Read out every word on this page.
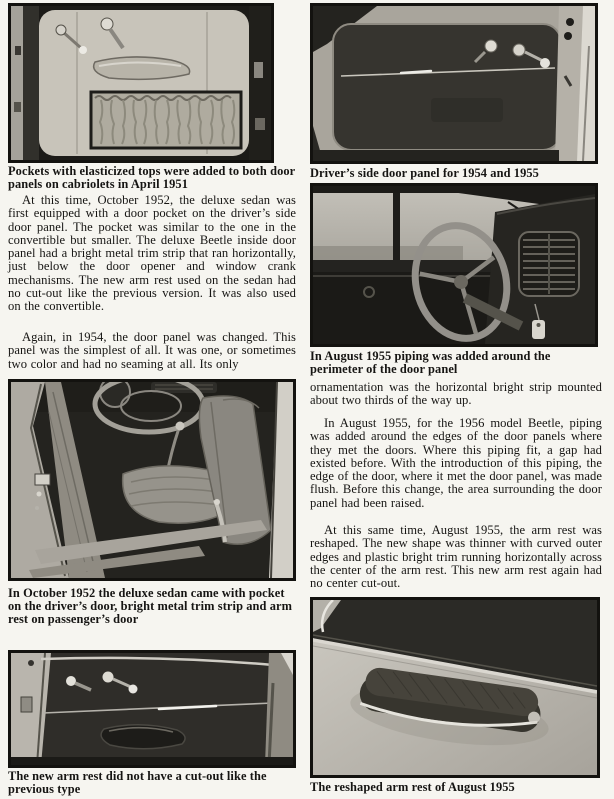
Pockets with elasticized tops were added to both door panels on cabriolets in April 1951
At this time, October 1952, the deluxe sedan was first equipped with a door pocket on the driver’s side door panel. The pocket was similar to the one in the convertible but smaller. The deluxe Beetle inside door panel had a bright metal trim strip that ran horizontally, just below the door opener and window crank mechanisms. The new arm rest used on the sedan had no cut-out like the previous version. It was also used on the convertible.
Again, in 1954, the door panel was changed. This panel was the simplest of all. It was one, or sometimes two color and had no seaming at all. Its only
In October 1952 the deluxe sedan came with pocket on the driver’s door, bright metal trim strip and arm rest on passenger’s door
The new arm rest did not have a cut-out like the previous type
Driver’s side door panel for 1954 and 1955
In August 1955 piping was added around the perimeter of the door panel
ornamentation was the horizontal bright strip mounted about two thirds of the way up.
In August 1955, for the 1956 model Beetle, piping was added around the edges of the door panels where they met the doors. Where this piping fit, a gap had existed before. With the introduction of this piping, the edge of the door, where it met the door panel, was made flush. Before this change, the area surrounding the door panel had been raised.
At this same time, August 1955, the arm rest was reshaped. The new shape was thinner with curved outer edges and plastic bright trim running horizontally across the center of the arm rest. This new arm rest again had no center cut-out.
The reshaped arm rest of August 1955
